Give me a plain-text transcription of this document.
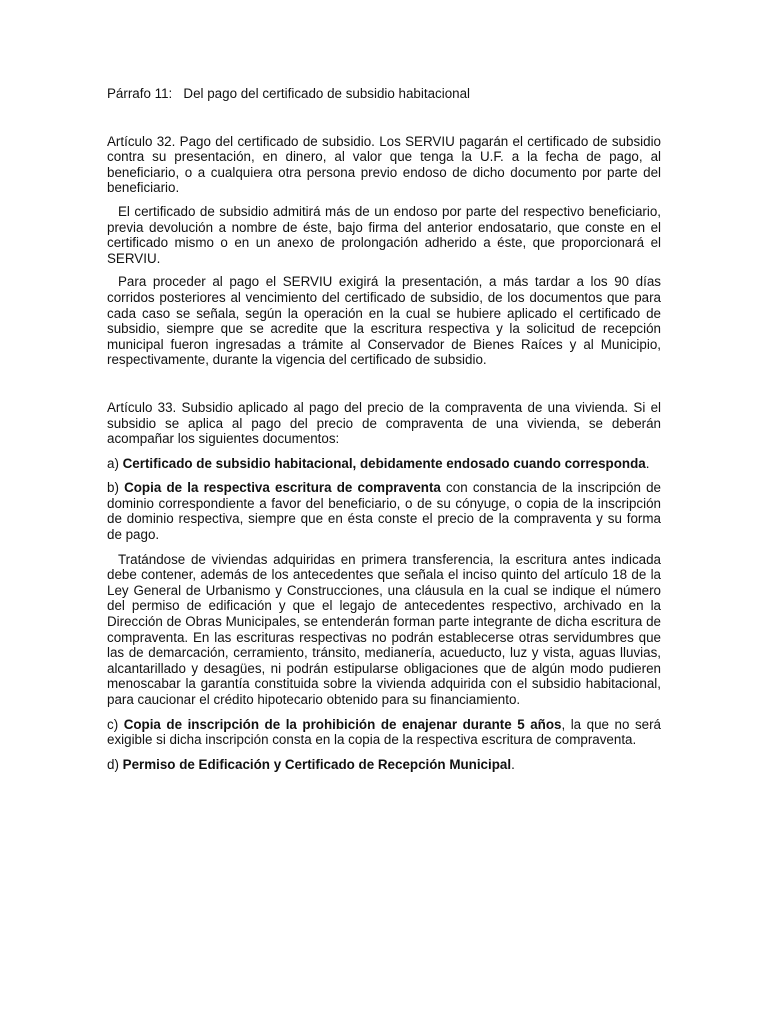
Párrafo 11:   Del pago del certificado de subsidio habitacional

Artículo 32. Pago del certificado de subsidio. Los SERVIU pagarán el certificado de subsidio contra su presentación, en dinero, al valor que tenga la U.F. a la fecha de pago, al beneficiario, o a cualquiera otra persona previo endoso de dicho documento por parte del beneficiario.

El certificado de subsidio admitirá más de un endoso por parte del respectivo beneficiario, previa devolución a nombre de éste, bajo firma del anterior endosatario, que conste en el certificado mismo o en un anexo de prolongación adherido a éste, que proporcionará el SERVIU.

Para proceder al pago el SERVIU exigirá la presentación, a más tardar a los 90 días corridos posteriores al vencimiento del certificado de subsidio, de los documentos que para cada caso se señala, según la operación en la cual se hubiere aplicado el certificado de subsidio, siempre que se acredite que la escritura respectiva y la solicitud de recepción municipal fueron ingresadas a trámite al Conservador de Bienes Raíces y al Municipio, respectivamente, durante la vigencia del certificado de subsidio.

Artículo 33. Subsidio aplicado al pago del precio de la compraventa de una vivienda. Si el subsidio se aplica al pago del precio de compraventa de una vivienda, se deberán acompañar los siguientes documentos:

a) Certificado de subsidio habitacional, debidamente endosado cuando corresponda.

b) Copia de la respectiva escritura de compraventa con constancia de la inscripción de dominio correspondiente a favor del beneficiario, o de su cónyuge, o copia de la inscripción de dominio respectiva, siempre que en ésta conste el precio de la compraventa y su forma de pago.

Tratándose de viviendas adquiridas en primera transferencia, la escritura antes indicada debe contener, además de los antecedentes que señala el inciso quinto del artículo 18 de la Ley General de Urbanismo y Construcciones, una cláusula en la cual se indique el número del permiso de edificación y que el legajo de antecedentes respectivo, archivado en la Dirección de Obras Municipales, se entenderán forman parte integrante de dicha escritura de compraventa. En las escrituras respectivas no podrán establecerse otras servidumbres que las de demarcación, cerramiento, tránsito, medianería, acueducto, luz y vista, aguas lluvias, alcantarillado y desagües, ni podrán estipularse obligaciones que de algún modo pudieren menoscabar la garantía constituida sobre la vivienda adquirida con el subsidio habitacional, para caucionar el crédito hipotecario obtenido para su financiamiento.

c) Copia de inscripción de la prohibición de enajenar durante 5 años, la que no será exigible si dicha inscripción consta en la copia de la respectiva escritura de compraventa.

d) Permiso de Edificación y Certificado de Recepción Municipal.
